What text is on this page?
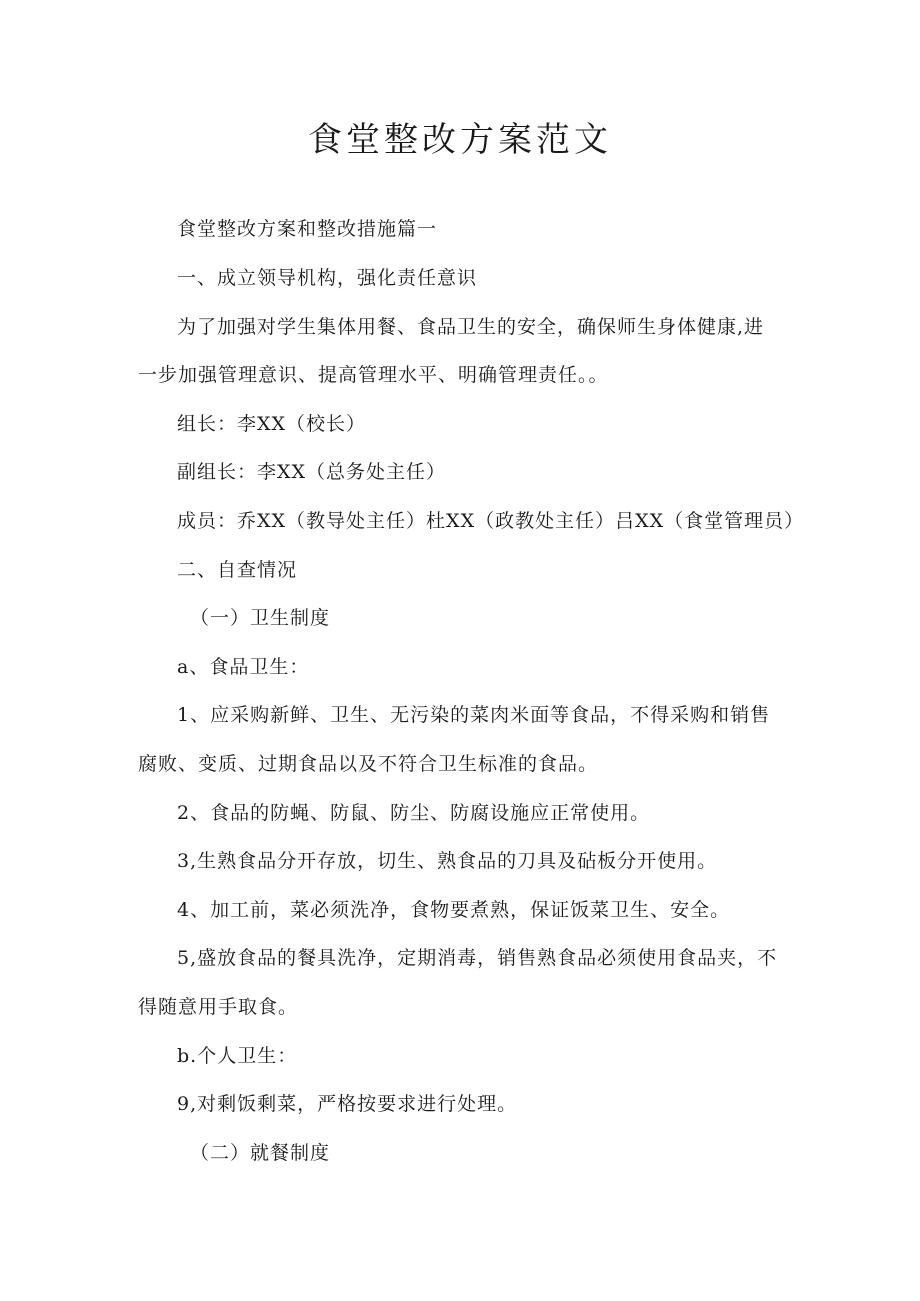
食堂整改方案范文

食堂整改方案和整改措施篇一

一、成立领导机构，强化责任意识

为了加强对学生集体用餐、食品卫生的安全，确保师生身体健康,进

一步加强管理意识、提高管理水平、明确管理责任。。

组长：李XX（校长）

副组长：李XX（总务处主任）

成员：乔XX（教导处主任）杜XX（政教处主任）吕XX（食堂管理员）

二、自查情况

（一）卫生制度

a、食品卫生：

1、应采购新鲜、卫生、无污染的菜肉米面等食品，不得采购和销售

腐败、变质、过期食品以及不符合卫生标准的食品。

2、食品的防蝇、防鼠、防尘、防腐设施应正常使用。

3,生熟食品分开存放，切生、熟食品的刀具及砧板分开使用。

4、加工前，菜必须洗净，食物要煮熟，保证饭菜卫生、安全。

5,盛放食品的餐具洗净，定期消毒，销售熟食品必须使用食品夹，不

得随意用手取食。

b.个人卫生：

9,对剩饭剩菜，严格按要求进行处理。

（二）就餐制度
